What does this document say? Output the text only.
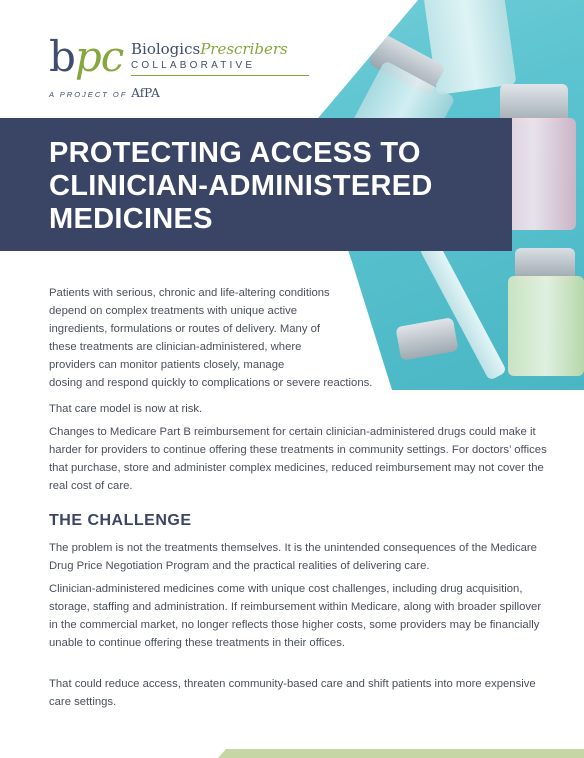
PROTECTING ACCESS TO CLINICIAN-ADMINISTERED MEDICINES
bpc BiologicsPrescribers
COLLABORATIVE
A PROJECT OF AfPA

Patients with serious, chronic and life-altering conditions depend on complex treatments with unique active ingredients, formulations or routes of delivery. Many of these treatments are clinician-administered, where providers can monitor patients closely, manage
dosing and respond quickly to complications or severe reactions.

That care model is now at risk.

Changes to Medicare Part B reimbursement for certain clinician-administered drugs could make it harder for providers to continue offering these treatments in community settings. For doctors’ offices that purchase, store and administer complex medicines, reduced reimbursement may not cover the real cost of care.

THE CHALLENGE

The problem is not the treatments themselves. It is the unintended consequences of the Medicare Drug Price Negotiation Program and the practical realities of delivering care.

Clinician-administered medicines come with unique cost challenges, including drug acquisition, storage, staffing and administration. If reimbursement within Medicare, along with broader spillover in the commercial market, no longer reflects those higher costs, some providers may be financially unable to continue offering these treatments in their offices.

That could reduce access, threaten community-based care and shift patients into more expensive care settings.
